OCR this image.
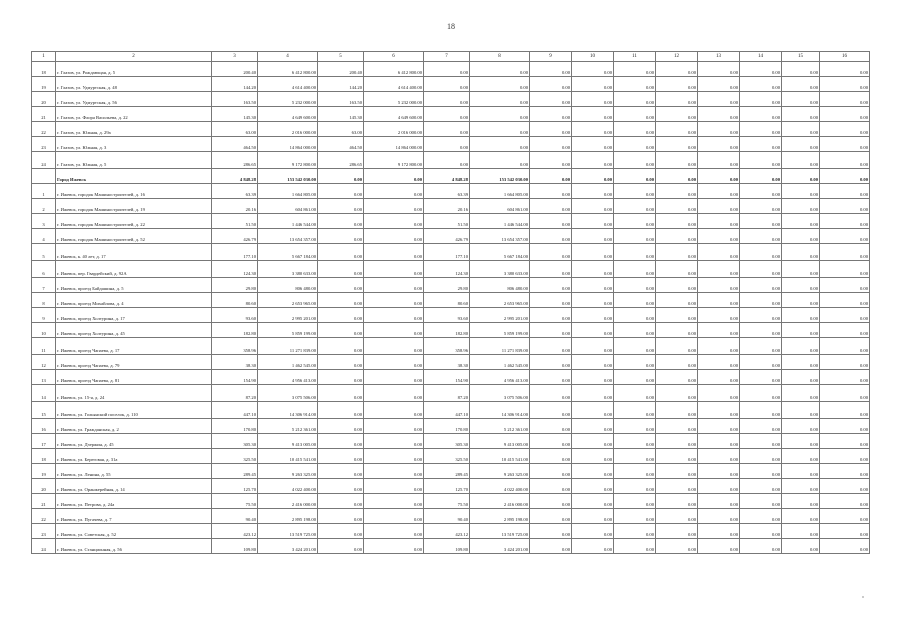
18
1	2	3	4	5	6	7	8	9	10	11	12	13	14	15	16
18	г. Глазов, ул. Рождающая, д. 5	200.40	6 412 800.00	200.40	6 412 800.00	0.00	0.00	0.00	0.00	0.00	0.00	0.00	0.00	0.00	0.00
19	г. Глазов, ул. Удмуртская, д. 48	144.20	4 614 400.00	144.20	4 614 400.00	0.00	0.00	0.00	0.00	0.00	0.00	0.00	0.00	0.00	0.00
20	г. Глазов, ул. Удмуртская, д. 56	163.50	5 232 000.00	163.50	5 232 000.00	0.00	0.00	0.00	0.00	0.00	0.00	0.00	0.00	0.00	0.00
21	г. Глазов, ул. Флора Васильева, д. 22	145.30	4 649 600.00	145.30	4 649 600.00	0.00	0.00	0.00	0.00	0.00	0.00	0.00	0.00	0.00	0.00
22	г. Глазов, ул. Южная, д. 29а	63.00	2 016 000.00	63.00	2 016 000.00	0.00	0.00	0.00	0.00	0.00	0.00	0.00	0.00	0.00	0.00
23	г. Глазов, ул. Южная, д. 3	464.50	14 864 000.00	464.50	14 864 000.00	0.00	0.00	0.00	0.00	0.00	0.00	0.00	0.00	0.00	0.00
24	г. Глазов, ул. Южная, д. 5	286.65	9 172 800.00	286.65	9 172 800.00	0.00	0.00	0.00	0.00	0.00	0.00	0.00	0.00	0.00	0.00
	Город Ижевск	4 848.28	153 542 030.00	0.00	0.00	4 848.28	153 542 030.00	0.00	0.00	0.00	0.00	0.00	0.00	0.00	0.00
1	г. Ижевск, городок Машиностроителей, д. 16	63.39	1 664 805.00	0.00	0.00	63.39	1 664 805.00	0.00	0.00	0.00	0.00	0.00	0.00	0.00	0.00
2	г. Ижевск, городок Машиностроителей, д. 19	20.16	604 861.00	0.00	0.00	20.16	604 861.00	0.00	0.00	0.00	0.00	0.00	0.00	0.00	0.00
3	г. Ижевск, городок Машиностроителей, д. 22	51.50	1 446 544.00	0.00	0.00	51.50	1 446 544.00	0.00	0.00	0.00	0.00	0.00	0.00	0.00	0.00
4	г. Ижевск, городок Машиностроителей, д. 52	426.79	13 654 357.00	0.00	0.00	426.79	13 654 357.00	0.00	0.00	0.00	0.00	0.00	0.00	0.00	0.00
5	г. Ижевск, к. 40 лет, д. 17	177.10	5 667 184.00	0.00	0.00	177.10	5 667 184.00	0.00	0.00	0.00	0.00	0.00	0.00	0.00	0.00
6	г. Ижевск, пер. Гвардейский, д. 92А	124.30	3 380 633.00	0.00	0.00	124.30	3 380 633.00	0.00	0.00	0.00	0.00	0.00	0.00	0.00	0.00
7	г. Ижевск, проезд Байдашина, д. 5	29.80	806 480.00	0.00	0.00	29.80	806 480.00	0.00	0.00	0.00	0.00	0.00	0.00	0.00	0.00
8	г. Ижевск, проезд Михайлова, д. 4	80.60	2 653 965.00	0.00	0.00	80.60	2 653 965.00	0.00	0.00	0.00	0.00	0.00	0.00	0.00	0.00
9	г. Ижевск, проезд Холтурина, д. 17	93.60	2 995 201.00	0.00	0.00	93.60	2 995 201.00	0.00	0.00	0.00	0.00	0.00	0.00	0.00	0.00
10	г. Ижевск, проезд Холтурина, д. 45	182.80	5 859 199.00	0.00	0.00	182.80	5 859 199.00	0.00	0.00	0.00	0.00	0.00	0.00	0.00	0.00
11	г. Ижевск, проезд Чапаева, д. 17	358.96	11 271 839.00	0.00	0.00	358.96	11 271 839.00	0.00	0.00	0.00	0.00	0.00	0.00	0.00	0.00
12	г. Ижевск, проезд Чапаева, д. 79	38.30	1 462 545.00	0.00	0.00	38.30	1 462 545.00	0.00	0.00	0.00	0.00	0.00	0.00	0.00	0.00
13	г. Ижевск, проезд Чапаева, д. 81	154.90	4 956 413.00	0.00	0.00	154.90	4 956 413.00	0.00	0.00	0.00	0.00	0.00	0.00	0.00	0.00
14	г. Ижевск, ул. 15-я, д. 24	87.20	3 075 506.00	0.00	0.00	87.20	3 075 506.00	0.00	0.00	0.00	0.00	0.00	0.00	0.00	0.00
15	г. Ижевск, ул. Гольянский поселок, д. 110	447.10	14 306 914.00	0.00	0.00	447.10	14 306 914.00	0.00	0.00	0.00	0.00	0.00	0.00	0.00	0.00
16	г. Ижевск, ул. Гражданская, д. 2	170.80	5 212 361.00	0.00	0.00	170.80	5 212 361.00	0.00	0.00	0.00	0.00	0.00	0.00	0.00	0.00
17	г. Ижевск, ул. Дзержин, д. 45	305.30	9 413 005.00	0.00	0.00	305.30	9 413 005.00	0.00	0.00	0.00	0.00	0.00	0.00	0.00	0.00
18	г. Ижевск, ул. Береговая, д. 31а	325.50	10 415 541.00	0.00	0.00	325.50	10 415 541.00	0.00	0.00	0.00	0.00	0.00	0.00	0.00	0.00
19	г. Ижевск, ул. Ленина, д. 55	289.45	9 263 325.00	0.00	0.00	289.45	9 263 325.00	0.00	0.00	0.00	0.00	0.00	0.00	0.00	0.00
20	г. Ижевск, ул. Оранжерейная, д. 14	125.70	4 022 400.00	0.00	0.00	125.70	4 022 400.00	0.00	0.00	0.00	0.00	0.00	0.00	0.00	0.00
21	г. Ижевск, ул. Петрова, д. 24а	75.50	2 416 000.00	0.00	0.00	75.50	2 416 000.00	0.00	0.00	0.00	0.00	0.00	0.00	0.00	0.00
22	г. Ижевск, ул. Пугачева, д. 7	90.40	2 895 198.00	0.00	0.00	90.40	2 895 198.00	0.00	0.00	0.00	0.00	0.00	0.00	0.00	0.00
23	г. Ижевск, ул. Советская, д. 52	423.12	13 519 725.00	0.00	0.00	423.12	13 519 725.00	0.00	0.00	0.00	0.00	0.00	0.00	0.00	0.00
24	г. Ижевск, ул. Станционная, д. 56	109.80	3 424 201.00	0.00	0.00	109.80	3 424 201.00	0.00	0.00	0.00	0.00	0.00	0.00	0.00	0.00
